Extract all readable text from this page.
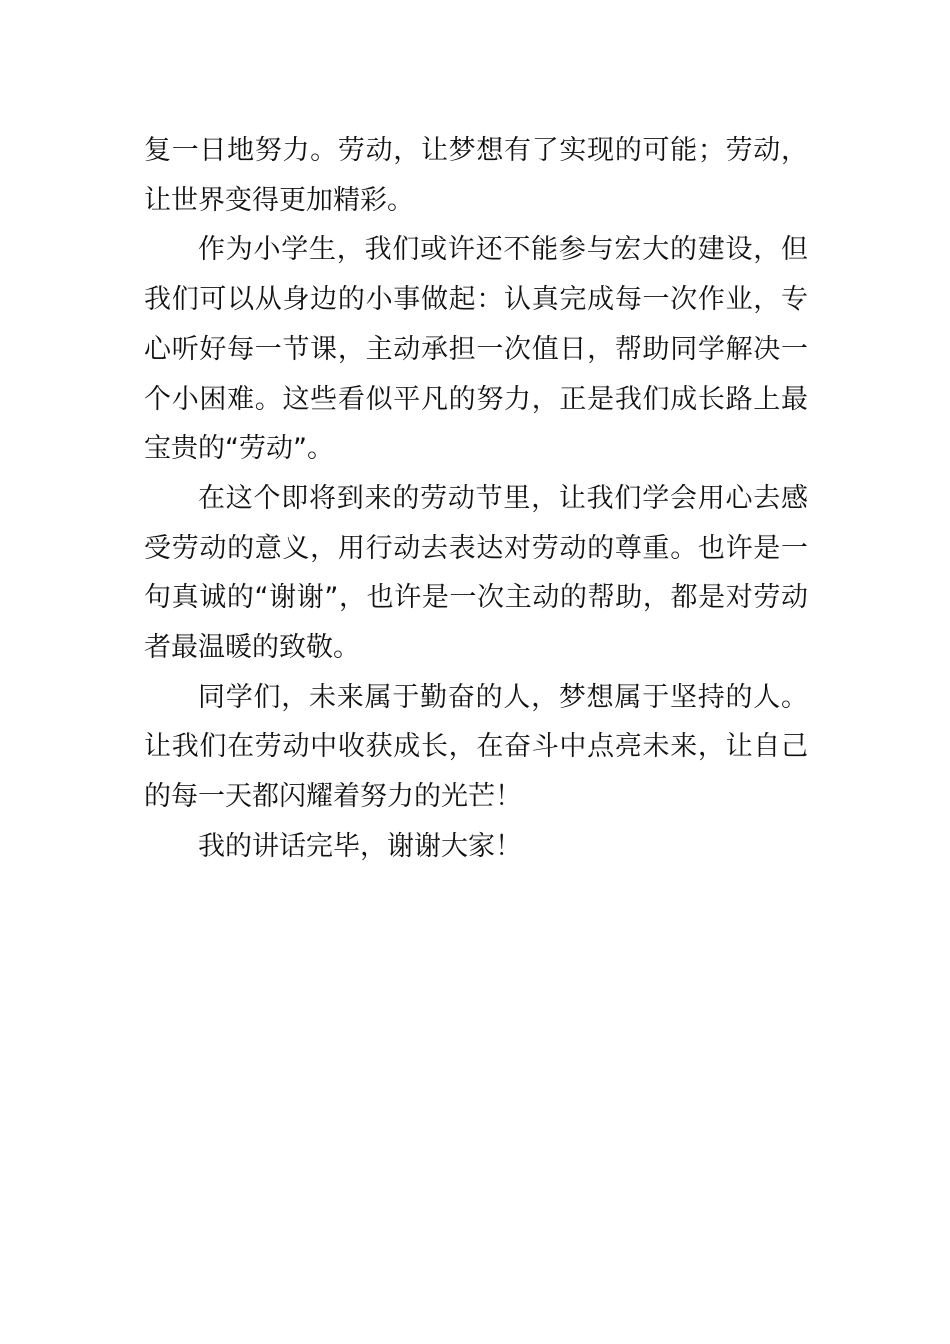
复一日地努力。劳动，让梦想有了实现的可能；劳动，让世界变得更加精彩。

作为小学生，我们或许还不能参与宏大的建设，但我们可以从身边的小事做起：认真完成每一次作业，专心听好每一节课，主动承担一次值日，帮助同学解决一个小困难。这些看似平凡的努力，正是我们成长路上最宝贵的“劳动”。

在这个即将到来的劳动节里，让我们学会用心去感受劳动的意义，用行动去表达对劳动的尊重。也许是一句真诚的“谢谢”，也许是一次主动的帮助，都是对劳动者最温暖的致敬。

同学们，未来属于勤奋的人，梦想属于坚持的人。让我们在劳动中收获成长，在奋斗中点亮未来，让自己的每一天都闪耀着努力的光芒！

我的讲话完毕，谢谢大家！
